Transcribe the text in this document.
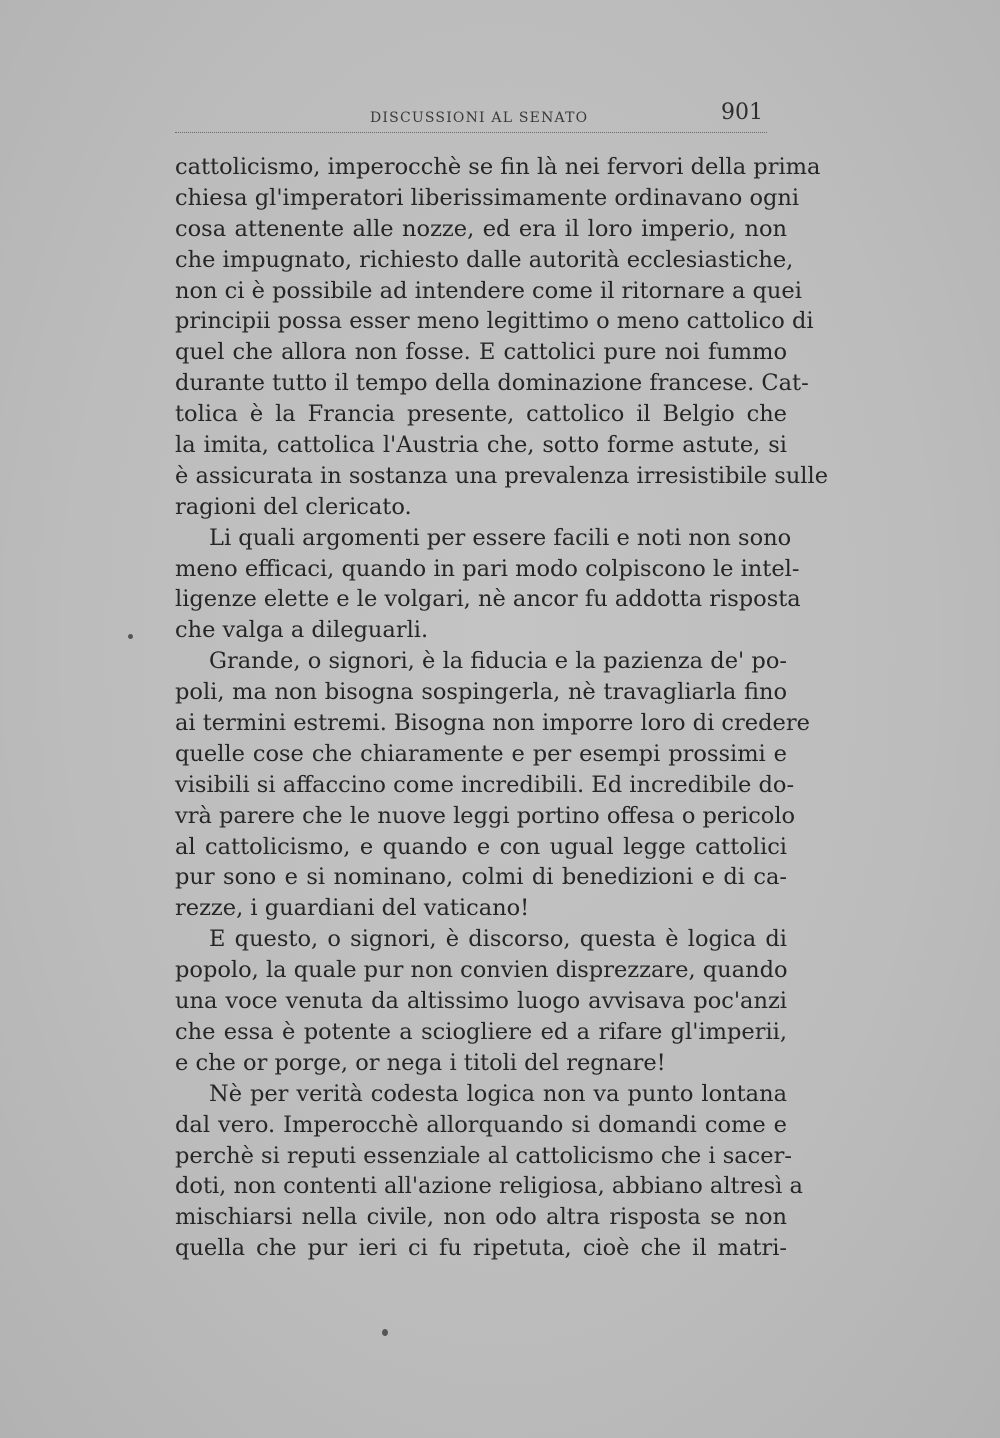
DISCUSSIONI AL SENATO	901
cattolicismo, imperocchè se fin là nei fervori della prima
chiesa gl'imperatori liberissimamente ordinavano ogni
cosa attenente alle nozze, ed era il loro imperio, non
che impugnato, richiesto dalle autorità ecclesiastiche,
non ci è possibile ad intendere come il ritornare a quei
principii possa esser meno legittimo o meno cattolico di
quel che allora non fosse. E cattolici pure noi fummo
durante tutto il tempo della dominazione francese. Cat-
tolica è la Francia presente, cattolico il Belgio che
la imita, cattolica l'Austria che, sotto forme astute, si
è assicurata in sostanza una prevalenza irresistibile sulle
ragioni del clericato.
Li quali argomenti per essere facili e noti non sono
meno efficaci, quando in pari modo colpiscono le intel-
ligenze elette e le volgari, nè ancor fu addotta risposta
che valga a dileguarli.
Grande, o signori, è la fiducia e la pazienza de' po-
poli, ma non bisogna sospingerla, nè travagliarla fino
ai termini estremi. Bisogna non imporre loro di credere
quelle cose che chiaramente e per esempi prossimi e
visibili si affaccino come incredibili. Ed incredibile do-
vrà parere che le nuove leggi portino offesa o pericolo
al cattolicismo, e quando e con ugual legge cattolici
pur sono e si nominano, colmi di benedizioni e di ca-
rezze, i guardiani del vaticano!
E questo, o signori, è discorso, questa è logica di
popolo, la quale pur non convien disprezzare, quando
una voce venuta da altissimo luogo avvisava poc'anzi
che essa è potente a sciogliere ed a rifare gl'imperii,
e che or porge, or nega i titoli del regnare!
Nè per verità codesta logica non va punto lontana
dal vero. Imperocchè allorquando si domandi come e
perchè si reputi essenziale al cattolicismo che i sacer-
doti, non contenti all'azione religiosa, abbiano altresì a
mischiarsi nella civile, non odo altra risposta se non
quella che pur ieri ci fu ripetuta, cioè che il matri-
